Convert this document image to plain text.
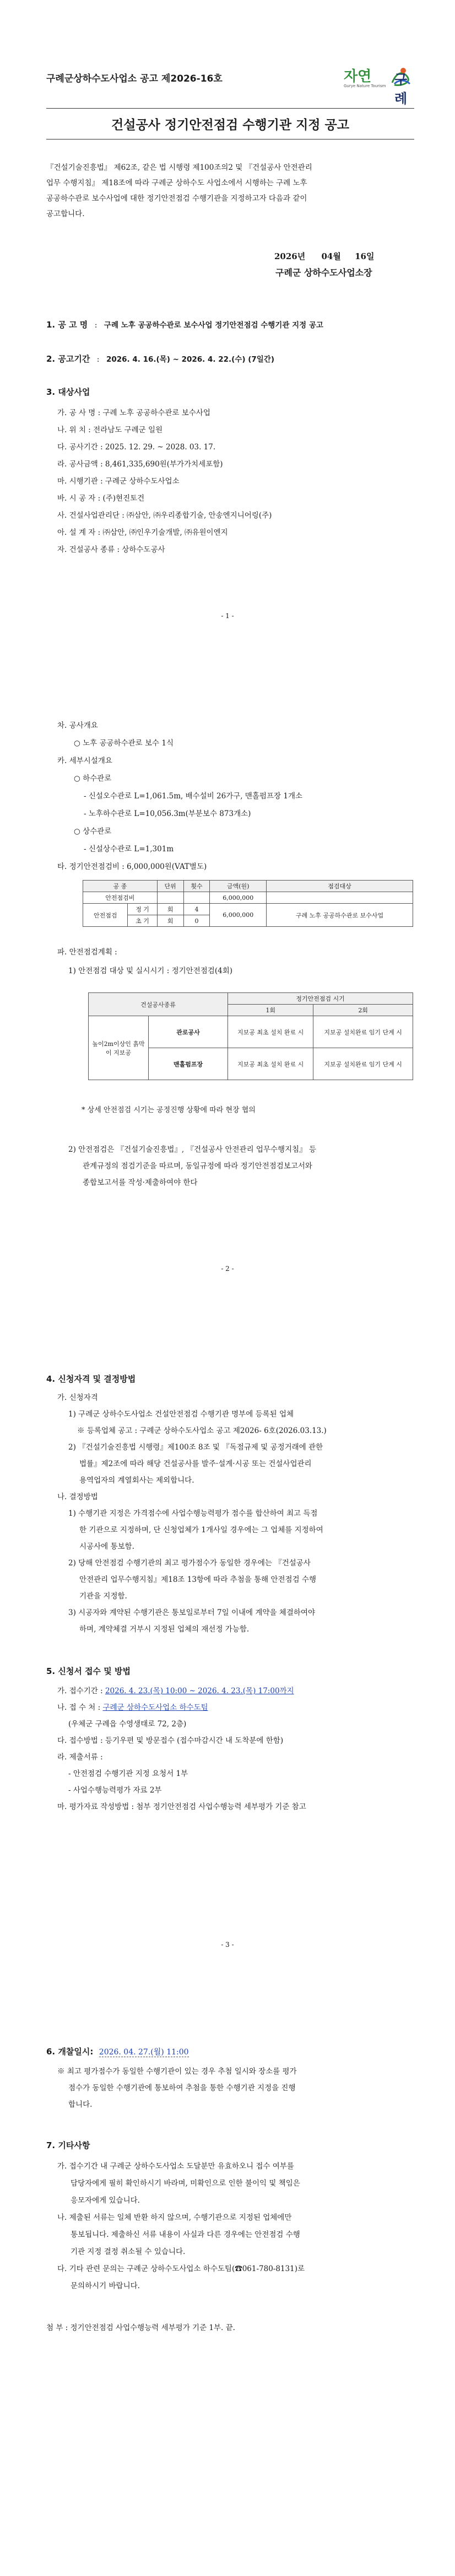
구례군상하수도사업소 공고 제2026-16호	자연 구례
Gurye Nature Tourism
건설공사 정기안전점검 수행기관 지정 공고
『건설기술진흥법』 제62조, 같은 법 시행령 제100조의2 및 『건설공사 안전관리
업무 수행지침』 제18조에 따라 구례군 상하수도 사업소에서 시행하는 구례 노후
공공하수관로 보수사업에 대한 정기안전점검 수행기관을 지정하고자 다음과 같이
공고합니다.
2026년 04월 16일
구례군 상하수도사업소장
1. 공 고 명 : 구례 노후 공공하수관로 보수사업 정기안전점검 수행기관 지정 공고
2. 공고기간 : 2026. 4. 16.(목) ~ 2026. 4. 22.(수) (7일간)
3. 대상사업
가. 공 사 명 : 구례 노후 공공하수관로 보수사업
나. 위 치 : 전라남도 구례군 일원
다. 공사기간 : 2025. 12. 29. ~ 2028. 03. 17.
라. 공사금액 : 8,461,335,690원(부가가치세포함)
마. 시행기관 : 구례군 상하수도사업소
바. 시 공 자 : (주)현진토건
사. 건설사업관리단 : ㈜삼안, ㈜우리종합기술, 안송엔지니어링(주)
아. 설 계 자 : ㈜삼안, ㈜인우기술개발, ㈜유원이엔지
자. 건설공사 종류 : 상하수도공사
- 1 -
차. 공사개요
○ 노후 공공하수관로 보수 1식
카. 세부시설개요
○ 하수관로
- 신설오수관로 L=1,061.5m, 배수설비 26가구, 맨홀펌프장 1개소
- 노후하수관로 L=10,056.3m(부분보수 873개소)
○ 상수관로
- 신설상수관로 L=1,301m
타. 정기안전점검비 : 6,000,000원(VAT별도)
공 종		단위	횟수	금액(원)	점검대상
안전점검비				6,000,000	
안전점검	정 기	회	4	6,000,000	구례 노후 공공하수관로 보수사업
	초 기	회	0		
파. 안전점검계획 :
1) 안전점검 대상 및 실시시기 : 정기안전점검(4회)
건설공사종류		정기안전점검 시기	
		1회	2회
높이2m이상인 흙막이 지보공	관로공사	지보공 최초 설치 완료 시	지보공 설치완료 임기 단계 시
	맨홀펌프장	지보공 최초 설치 완료 시	지보공 설치완료 임기 단계 시
* 상세 안전점검 시기는 공정진행 상황에 따라 현장 협의
2) 안전점검은 『건설기술진흥법』, 『건설공사 안전관리 업무수행지침』 등
관계규정의 점검기준을 따르며, 동일규정에 따라 정기안전점검보고서와
종합보고서를 작성·제출하여야 한다
- 2 -
4. 신청자격 및 결정방법
가. 신청자격
1) 구례군 상하수도사업소 건설안전점검 수행기관 명부에 등록된 업체
※ 등록업체 공고 : 구례군 상하수도사업소 공고 제2026- 6호(2026.03.13.)
2) 『건설기술진흥법 시행령』제100조 8조 및 『독점규제 및 공정거래에 관한
법률』제2조에 따라 해당 건설공사를 발주·설계·시공 또는 건설사업관리
용역업자의 계열회사는 제외합니다.
나. 결정방법
1) 수행기관 지정은 가격점수에 사업수행능력평가 점수를 합산하여 최고 득점
한 기관으로 지정하며, 단 신청업체가 1개사일 경우에는 그 업체를 지정하여
시공사에 통보함.
2) 당해 안전점검 수행기관의 최고 평가점수가 동일한 경우에는 『건설공사
안전관리 업무수행지침』제18조 13항에 따라 추첨을 통해 안전점검 수행
기관을 지정함.
3) 시공자와 계약된 수행기관은 통보일로부터 7일 이내에 계약을 체결하여야
하며, 계약체결 거부시 지정된 업체의 재선정 가능함.
5. 신청서 접수 및 방법
가. 접수기간 : 2026. 4. 23.(목) 10:00 ~ 2026. 4. 23.(목) 17:00까지
나. 접 수 처 : 구례군 상하수도사업소 하수도팀
(우체군 구례읍 수영생태로 72, 2층)
다. 접수방법 : 등기우편 및 방문접수 (접수마감시간 내 도착분에 한함)
라. 제출서류 :
- 안전점검 수행기관 지정 요청서 1부
- 사업수행능력평가 자료 2부
마. 평가자료 작성방법 : 첨부 정기안전점검 사업수행능력 세부평가 기준 참고
- 3 -
6. 개찰일시: 2026. 04. 27.(월) 11:00
※ 최고 평가점수가 동일한 수행기관이 있는 경우 추첨 일시와 장소를 평가
점수가 동일한 수행기관에 통보하여 추첨을 통한 수행기관 지정을 진행
합니다.
7. 기타사항
가. 접수기간 내 구례군 상하수도사업소 도달분만 유효하오니 접수 여부를
담당자에게 필히 확인하시기 바라며, 미확인으로 인한 불이익 및 책임은
응모자에게 있습니다.
나. 제출된 서류는 일체 반환 하지 않으며, 수행기관으로 지정된 업체에만
통보됩니다. 제출하신 서류 내용이 사실과 다른 경우에는 안전점검 수행
기관 지정 결정 취소될 수 있습니다.
다. 기타 관련 문의는 구례군 상하수도사업소 하수도팀(☎061-780-8131)로
문의하시기 바랍니다.
첨 부 : 정기안전점검 사업수행능력 세부평가 기준 1부. 끝.
